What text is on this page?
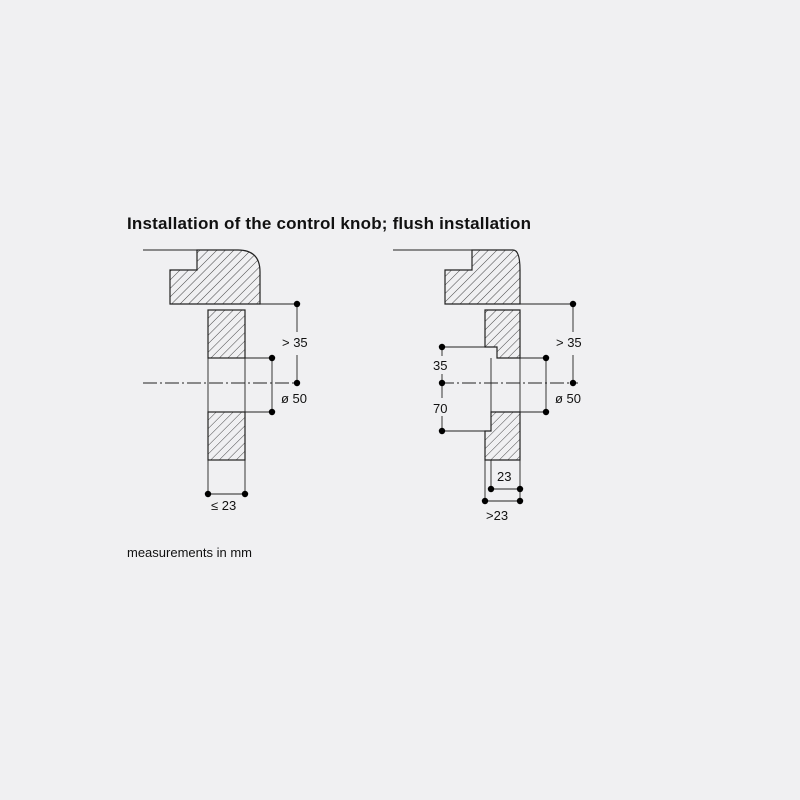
Installation of the control knob; flush installation
> 35
ø 50
≤ 23
> 35
ø 50
35
70
23
>23
measurements in mm
